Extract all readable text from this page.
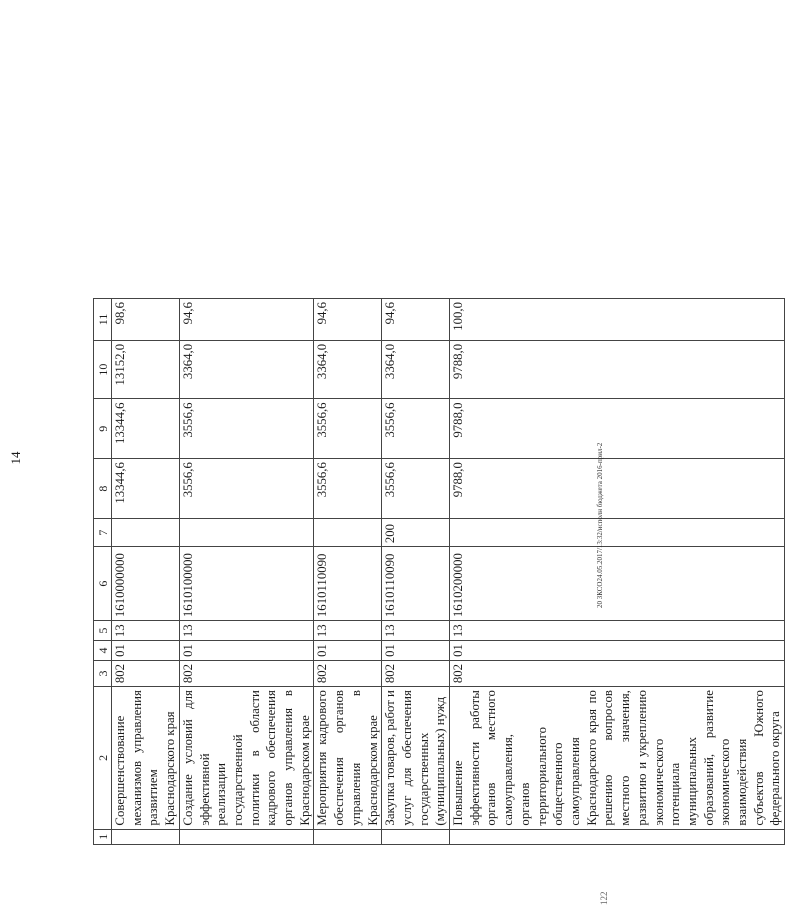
14
1	2	3	4	5	6	7	8	9	10	11
	Совершенствование механизмов управления развитием Краснодарского края	802	01	13	1610000000		13344,6	13344,6	13152,0	98,6
	Создание условий для эффективной реализации государственной политики в области кадрового обеспечения органов управления в Краснодарском крае	802	01	13	1610100000		3556,6	3556,6	3364,0	94,6
	Мероприятия кадрового обеспечения органов управления в Краснодарском крае	802	01	13	1610110090		3556,6	3556,6	3364,0	94,6
	Закупка товаров, работ и услуг для обеспечения государственных (муниципальных) нужд	802	01	13	1610110090	200	3556,6	3556,6	3364,0	94,6
	Повышение эффективности работы органов местного самоуправления, органов территориального общественного самоуправления Краснодарского края по решению вопросов местного значения, развитию и укреплению экономического потенциала муниципальных образований, развитие экономического взаимодействия субъектов Южного федерального округа	802	01	13	1610200000		9788,0	9788,0	9788,0	100,0
20 ЗКСО24.05.2017/13:32/исполн бюджета 2016-прил-2
122
